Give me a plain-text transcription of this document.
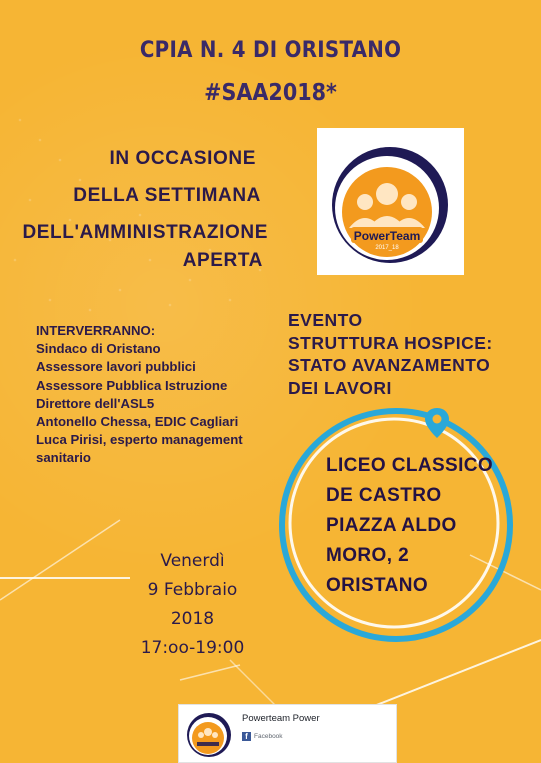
CPIA N. 4 DI ORISTANO
#SAA2018*
IN OCCASIONE
DELLA SETTIMANA
DELL'AMMINISTRAZIONE
APERTA
PowerTeam
2017_18
INTERVERRANNO:
Sindaco di Oristano
Assessore lavori pubblici
Assessore Pubblica Istruzione
Direttore dell'ASL5
Antonello Chessa, EDIC Cagliari
Luca Pirisi, esperto management sanitario
EVENTO
STRUTTURA HOSPICE:
STATO AVANZAMENTO
DEI LAVORI
LICEO CLASSICO
DE CASTRO
PIAZZA ALDO
MORO, 2
ORISTANO
Venerdì
9 Febbraio
2018
17:oo-19:00
Powerteam Power
f Facebook
